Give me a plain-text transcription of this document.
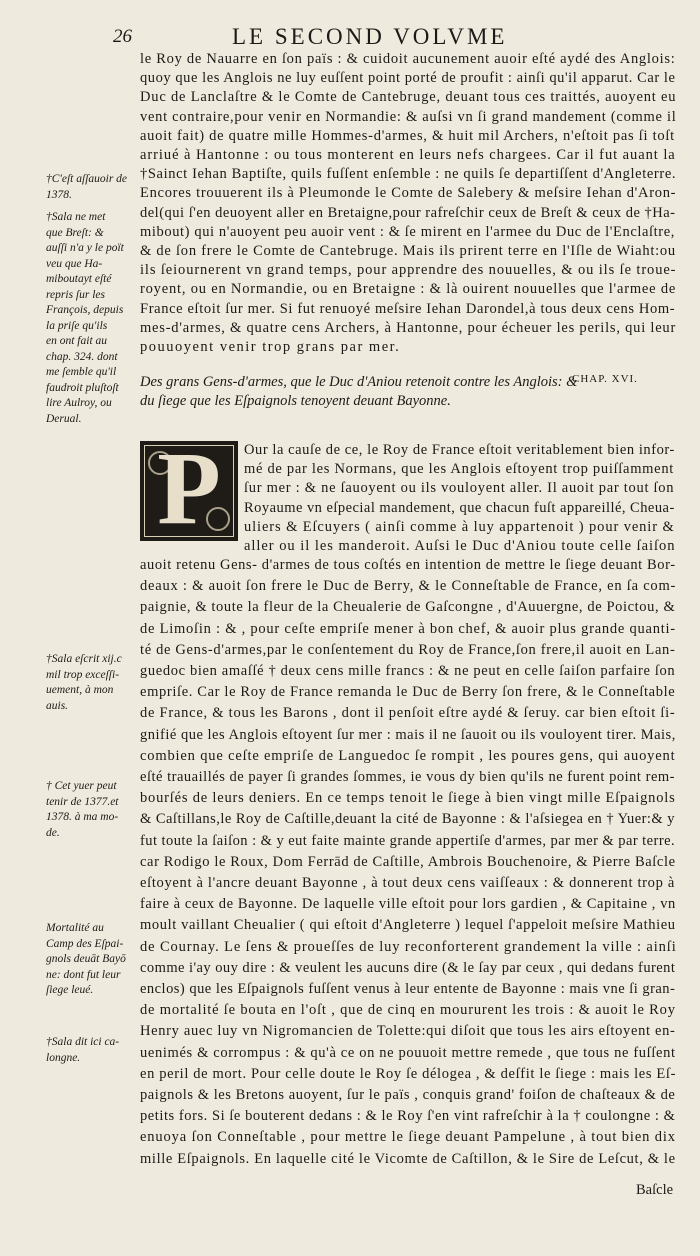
26	LE SECOND VOLVME
le Roy de Nauarre en ſon païs : & cuidoit aucunement auoir eſté aydé des Anglois:
quoy que les Anglois ne luy euſſent point porté de proufit : ainſi qu'il apparut. Car le
Duc de Lanclaſtre & le Comte de Cantebruge, deuant tous ces traittés, auoyent eu
vent contraire,pour venir en Normandie: & auſsi vn ſi grand mandement (comme il
auoit fait) de quatre mille Hommes-d'armes, & huit mil Archers, n'eſtoit pas ſi toſt
arriué à Hantonne : ou tous monterent en leurs nefs chargees. Car il fut auant la
†Sainct Iehan Baptiſte, quils fuſſent enſemble : ne quils ſe departiſſent d'Angleterre.
Encores trouuerent ils à Pleumonde le Comte de Salebery & meſsire Iehan d'Aron-
del(qui ſ'en deuoyent aller en Bretaigne,pour rafreſchir ceux de Breſt & ceux de †Ha-
mibout) qui n'auoyent peu auoir vent : & ſe mirent en l'armee du Duc de l'Enclaſtre,
& de ſon frere le Comte de Cantebruge. Mais ils prirent terre en l'Iſle de Wiaht:ou
ils ſeiournerent vn grand temps, pour apprendre des nouuelles, & ou ils ſe troue-
royent, ou en Normandie, ou en Bretaigne : & là ouirent nouuelles que l'armee de
France eſtoit ſur mer. Si fut renuoyé meſsire Iehan Darondel,à tous deux cens Hom-
mes-d'armes, & quatre cens Archers, à Hantonne, pour écheuer les perils, qui leur
pouuoyent venir trop grans par mer.
Des grans Gens-d'armes, que le Duc d'Aniou retenoit contre les Anglois: &
du ſiege que les Eſpaignols tenoyent deuant Bayonne.
CHAP. XVI.
P	Our la cauſe de ce, le Roy de France eſtoit veritablement bien infor-
mé de par les Normans, que les Anglois eſtoyent trop puiſſamment
ſur mer : & ne ſauoyent ou ils vouloyent aller. Il auoit par tout ſon
Royaume vn eſpecial mandement, que chacun fuſt appareillé, Cheua-
uliers & Eſcuyers ( ainſi comme à luy appartenoit ) pour venir &
aller ou il les manderoit. Auſsi le Duc d'Aniou toute celle ſaiſon
auoit retenu Gens- d'armes de tous coſtés en intention de mettre le ſiege deuant Bor-
deaux : & auoit ſon frere le Duc de Berry, & le Conneſtable de France, en ſa com-
paignie, & toute la fleur de la Cheualerie de Gaſcongne , d'Auuergne, de Poictou, &
de Limoſin : & , pour ceſte empriſe mener à bon chef, & auoir plus grande quanti-
té de Gens-d'armes,par le conſentement du Roy de France,ſon frere,il auoit en Lan-
guedoc bien amaſſé † deux cens mille francs : & ne peut en celle ſaiſon parfaire ſon
empriſe. Car le Roy de France remanda le Duc de Berry ſon frere, & le Conneſtable
de France, & tous les Barons , dont il penſoit eſtre aydé & ſeruy. car bien eſtoit ſi-
gnifié que les Anglois eſtoyent ſur mer : mais il ne ſauoit ou ils vouloyent tirer. Mais,
combien que ceſte empriſe de Languedoc ſe rompit , les poures gens, qui auoyent
eſté trauaillés de payer ſi grandes ſommes, ie vous dy bien qu'ils ne furent point rem-
bourſés de leurs deniers. En ce temps tenoit le ſiege à bien vingt mille Eſpaignols
& Caſtillans,le Roy de Caſtille,deuant la cité de Bayonne : & l'aſsiegea en † Yuer:& y
fut toute la ſaiſon : & y eut faite mainte grande appertiſe d'armes, par mer & par terre.
car Rodigo le Roux, Dom Ferrād de Caſtille, Ambrois Bouchenoire, & Pierre Baſcle
eſtoyent à l'ancre deuant Bayonne , à tout deux cens vaiſſeaux : & donnerent trop à
faire à ceux de Bayonne. De laquelle ville eſtoit pour lors gardien , & Capitaine , vn
moult vaillant Cheualier ( qui eſtoit d'Angleterre ) lequel ſ'appeloit meſsire Mathieu
de Cournay. Le ſens & proueſſes de luy reconforterent grandement la ville : ainſi
comme i'ay ouy dire : & veulent les aucuns dire (& le ſay par ceux , qui dedans furent
enclos) que les Eſpaignols fuſſent venus à leur entente de Bayonne : mais vne ſi gran-
de mortalité ſe bouta en l'oſt , que de cinq en moururent les trois : & auoit le Roy
Henry auec luy vn Nigromancien de Tolette:qui diſoit que tous les airs eſtoyent en-
uenimés & corrompus : & qu'à ce on ne pouuoit mettre remede , que tous ne fuſſent
en peril de mort. Pour celle doute le Roy ſe délogea , & deſfit le ſiege : mais les Eſ-
paignols & les Bretons auoyent, ſur le païs , conquis grand' foiſon de chaſteaux & de
petits fors. Si ſe bouterent dedans : & le Roy ſ'en vint rafreſchir à la † coulongne : &
enuoya ſon Conneſtable , pour mettre le ſiege deuant Pampelune , à tout bien dix
mille Eſpaignols. En laquelle cité le Vicomte de Caſtillon, & le Sire de Leſcut, & le
†C'eſt aſſauoir de
1378.
†Sala ne met
que Breſt: &
auſſi n'a y le poït
veu que Ha-
miboutayt eſté
repris ſur les
François, depuis
la priſe qu'ils
en ont fait au
chap. 324. dont
me ſemble qu'il
faudroit pluſtoſt
lire Aulroy, ou
Derual.
†Sala eſcrit xij.c
mil trop exceſſi-
uement, à mon
auis.
† Cet yuer peut
tenir de 1377.et
1378. à ma mo-
de.
Mortalité au
Camp des Eſpai-
gnols deuāt Bayō
ne: dont fut leur
ſiege leué.
†Sala dit ici ca-
longne.
Baſcle
